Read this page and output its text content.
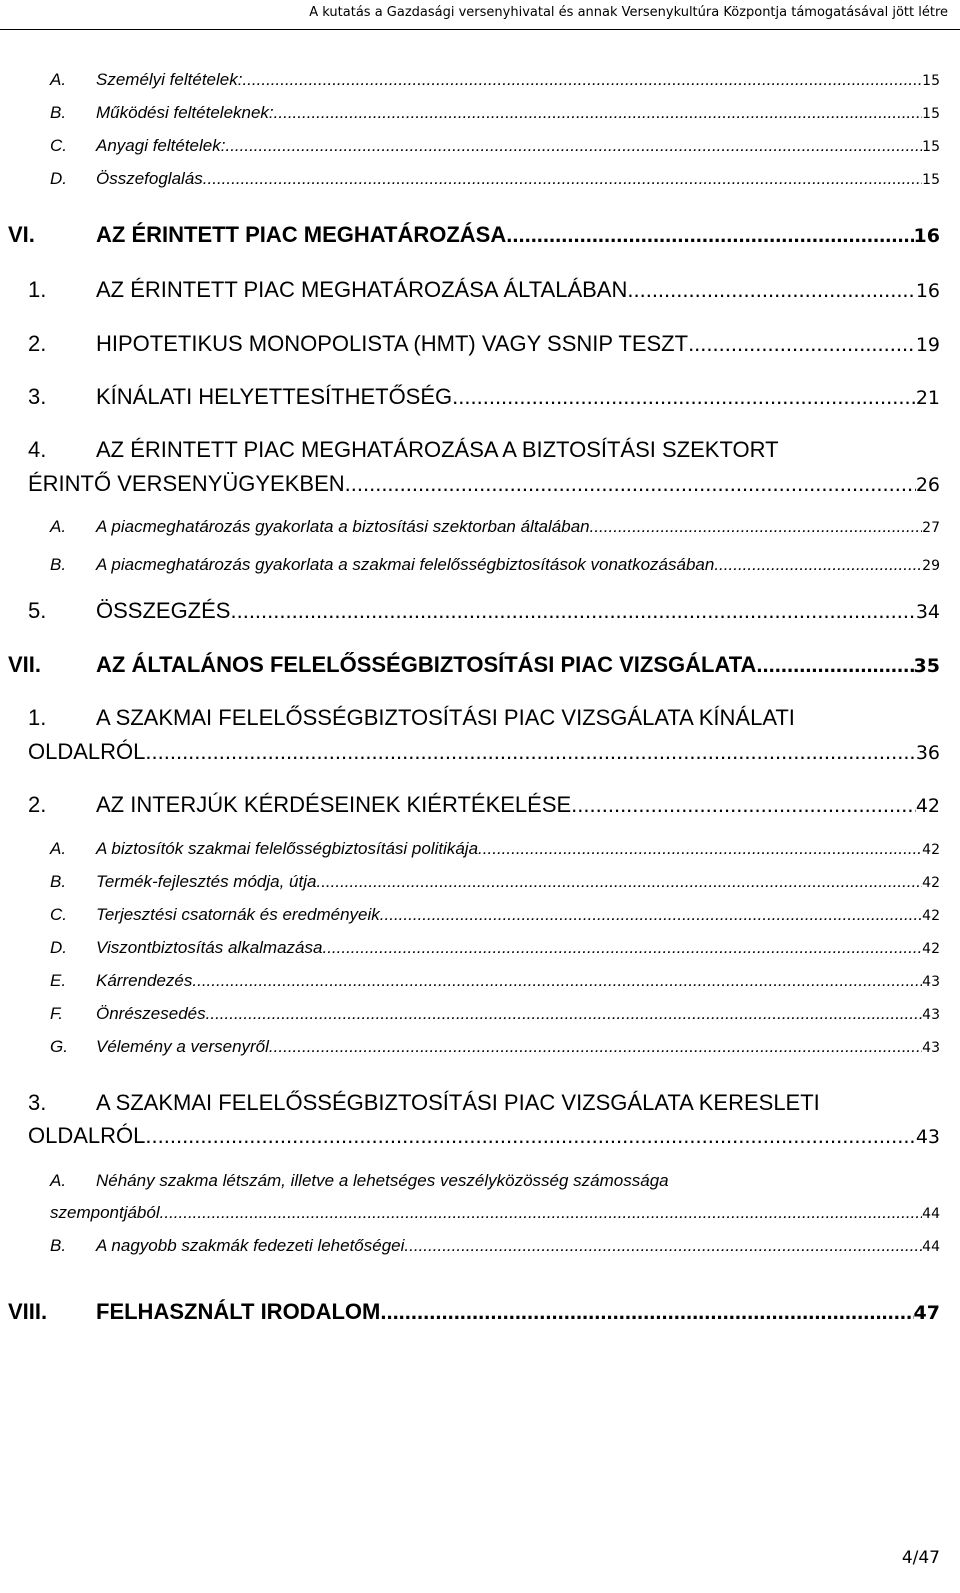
A kutatás a Gazdasági versenyhivatal és annak Versenykultúra Központja támogatásával jött létre
A.	Személyi feltételek: .....	15
B.	Működési feltételeknek: .....	15
C.	Anyagi feltételek: .....	15
D.	Összefoglalás .....	15
VI.	AZ ÉRINTETT PIAC MEGHATÁROZÁSA .....	16
1.	AZ ÉRINTETT PIAC MEGHATÁROZÁSA ÁLTALÁBAN .....	16
2.	HIPOTETIKUS MONOPOLISTA (HMT) VAGY SSNIP TESZT .....	19
3.	KÍNÁLATI HELYETTESÍTHETŐSÉG .....	21
4. AZ ÉRINTETT PIAC MEGHATÁROZÁSA A BIZTOSÍTÁSI SZEKTORT
ÉRINTŐ VERSENYÜGYEKBEN .....	26
A.	A piacmeghatározás gyakorlata a biztosítási szektorban általában .....	27
B.	A piacmeghatározás gyakorlata a szakmai felelősségbiztosítások vonatkozásában .....	29
5.	ÖSSZEGZÉS .....	34
VII.	AZ ÁLTALÁNOS FELELŐSSÉGBIZTOSÍTÁSI PIAC VIZSGÁLATA .....	35
1. A SZAKMAI FELELŐSSÉGBIZTOSÍTÁSI PIAC VIZSGÁLATA KÍNÁLATI
OLDALRÓL .....	36
2.	AZ INTERJÚK KÉRDÉSEINEK KIÉRTÉKELÉSE .....	42
A.	A biztosítók szakmai felelősségbiztosítási politikája .....	42
B.	Termék-fejlesztés módja, útja .....	42
C.	Terjesztési csatornák és eredményeik .....	42
D.	Viszontbiztosítás alkalmazása .....	42
E.	Kárrendezés .....	43
F.	Önrészesedés .....	43
G.	Vélemény a versenyről .....	43
3. A SZAKMAI FELELŐSSÉGBIZTOSÍTÁSI PIAC VIZSGÁLATA KERESLETI
OLDALRÓL .....	43
A. Néhány szakma létszám, illetve a lehetséges veszélyközösség számossága
szempontjából .....	44
B.	A nagyobb szakmák fedezeti lehetőségei .....	44
VIII.	FELHASZNÁLT IRODALOM .....	47
4/47
